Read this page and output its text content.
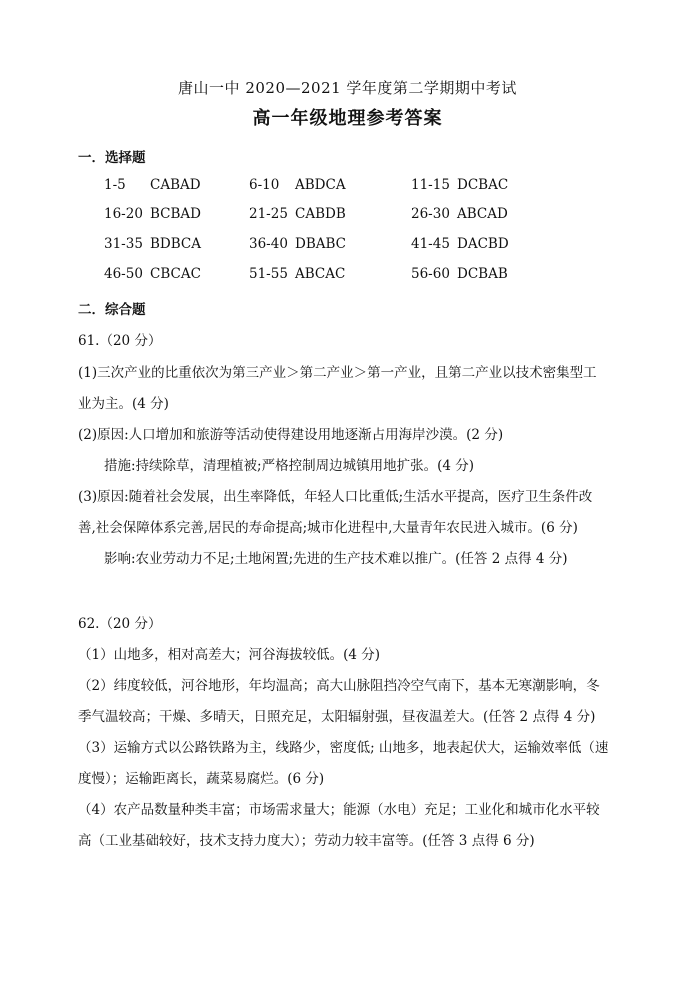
唐山一中 2020—2021 学年度第二学期期中考试
高一年级地理参考答案
一．选择题
1-5 CABAD	6-10 ABDCA	11-15 DCBAC
16-20 BCBAD	21-25 CABDB	26-30 ABCAD
31-35 BDBCA	36-40 DBABC	41-45 DACBD
46-50 CBCAC	51-55 ABCAC	56-60 DCBAB
二．综合题
61.（20 分）
(1)三次产业的比重依次为第三产业＞第二产业＞第一产业，且第二产业以技术密集型工
业为主。(4 分)
(2)原因:人口增加和旅游等活动使得建设用地逐渐占用海岸沙漠。(2 分)
措施:持续除草，清理植被;严格控制周边城镇用地扩张。(4 分)
(3)原因:随着社会发展，出生率降低，年轻人口比重低;生活水平提高，医疗卫生条件改
善,社会保障体系完善,居民的寿命提高;城市化进程中,大量青年农民进入城市。(6 分)
影响:农业劳动力不足;土地闲置;先进的生产技术难以推广。(任答 2 点得 4 分)
62.（20 分）
（1）山地多，相对高差大；河谷海拔较低。(4 分)
（2）纬度较低，河谷地形，年均温高；高大山脉阻挡冷空气南下，基本无寒潮影响，冬
季气温较高；干燥、多晴天，日照充足，太阳辐射强，昼夜温差大。(任答 2 点得 4 分)
（3）运输方式以公路铁路为主，线路少，密度低; 山地多，地表起伏大，运输效率低（速
度慢）；运输距离长，蔬菜易腐烂。(6 分)
（4）农产品数量种类丰富；市场需求量大；能源（水电）充足；工业化和城市化水平较
高（工业基础较好，技术支持力度大）；劳动力较丰富等。(任答 3 点得 6 分)
